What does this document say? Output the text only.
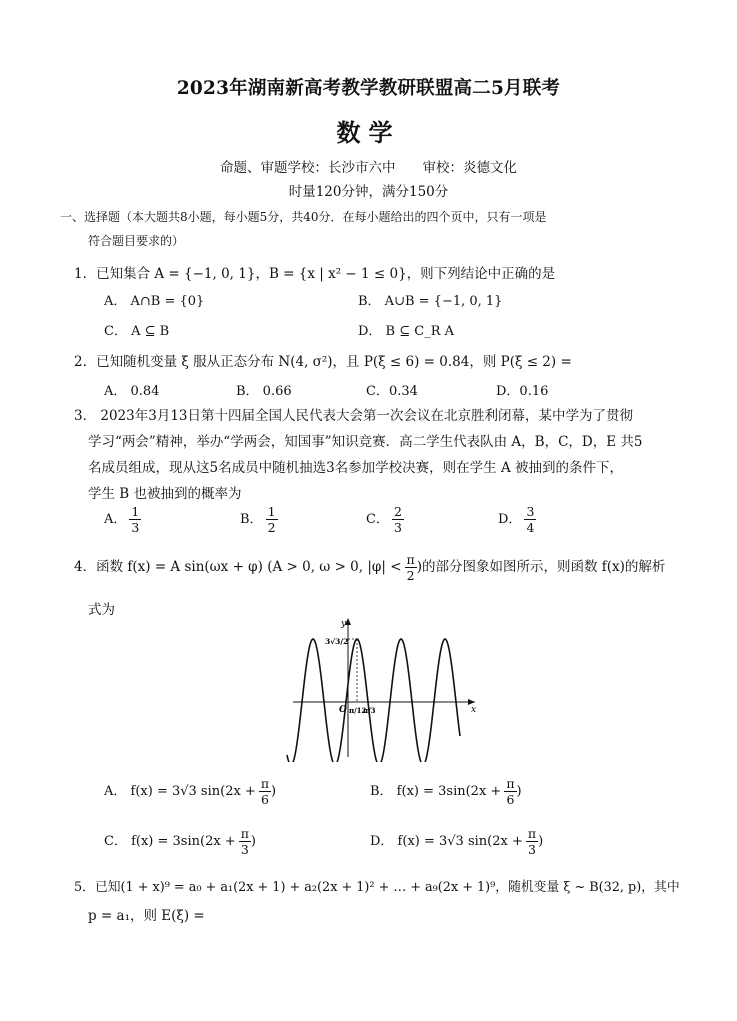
2023年湖南新高考教学教研联盟高二5月联考
数学
命题、审题学校：长沙市六中　　审校：炎德文化
时量120分钟，满分150分
一、选择题（本大题共8小题，每小题5分，共40分．在每小题给出的四个页中，只有一项是
符合题目要求的）
1．已知集合 A = {−1, 0, 1}，B = {x | x² − 1 ≤ 0}，则下列结论中正确的是
A． A∩B = {0}	B． A∪B = {−1, 0, 1}
C． A ⊆ B	D． B ⊆ C_R A
2．已知随机变量 ξ 服从正态分布 N(4, σ²)，且 P(ξ ≤ 6) = 0.84，则 P(ξ ≤ 2) =
A． 0.84	B． 0.66	C．0.34	D．0.16
3． 2023年3月13日第十四届全国人民代表大会第一次会议在北京胜利闭幕，某中学为了贯彻
学习“两会”精神，举办“学两会，知国事”知识竞赛．高二学生代表队由 A，B，C，D，E 共5
名成员组成，现从这5名成员中随机抽选3名参加学校决赛，则在学生 A 被抽到的条件下，
学生 B 也被抽到的概率为
A． $\frac{1}{3}$	B． $\frac{1}{2}$	C． $\frac{2}{3}$	D． $\frac{3}{4}$
4．函数 f(x) = A sin(ωx + φ) (A > 0, ω > 0, $|\varphi| < \frac{\pi}{2}$ )的部分图象如图所示，则函数 f(x)的解析
式为
y
x
O
3√3/2
π/12
π/3
A． f(x) = 3√3 $\sin(2x + \frac{\pi}{6}$ )	B． $f(x) = 3\sin(2x + \frac{\pi}{6}$ )
C． $f(x) = 3\sin(2x + \frac{\pi}{3}$ )	D． f(x) = 3√3 $\sin(2x + \frac{\pi}{3}$ )
5．已知(1 + x)⁹ = a₀ + a₁(2x + 1) + a₂(2x + 1)² + … + a₉(2x + 1)⁹，随机变量 ξ ~ B(32, p)，其中
p = a₁，则 E(ξ) =
